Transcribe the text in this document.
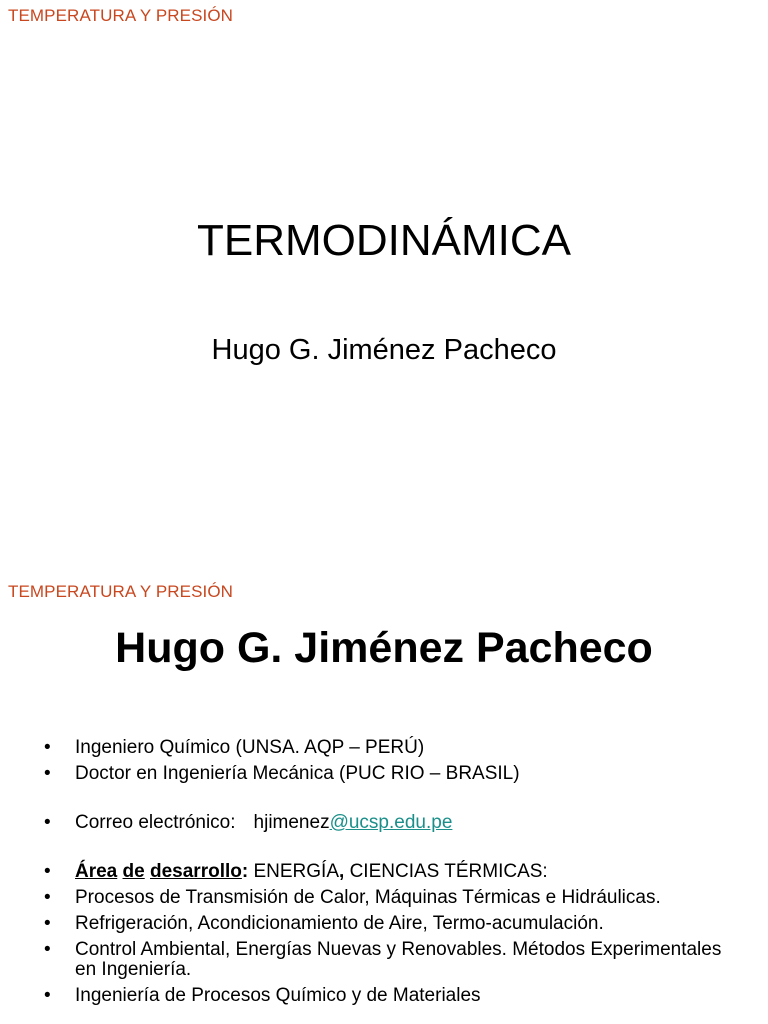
TEMPERATURA Y PRESIÓN
TERMODINÁMICA
Hugo G. Jiménez Pacheco
TEMPERATURA Y PRESIÓN
Hugo G. Jiménez Pacheco
• Ingeniero Químico (UNSA. AQP – PERÚ)
• Doctor en Ingeniería Mecánica (PUC RIO – BRASIL)
• Correo electrónico: hjimenez@ucsp.edu.pe
• Área de desarrollo: ENERGÍA, CIENCIAS TÉRMICAS:
• Procesos de Transmisión de Calor, Máquinas Térmicas e Hidráulicas.
• Refrigeración, Acondicionamiento de Aire, Termo-acumulación.
• Control Ambiental, Energías Nuevas y Renovables. Métodos Experimentales en Ingeniería.
• Ingeniería de Procesos Químico y de Materiales
